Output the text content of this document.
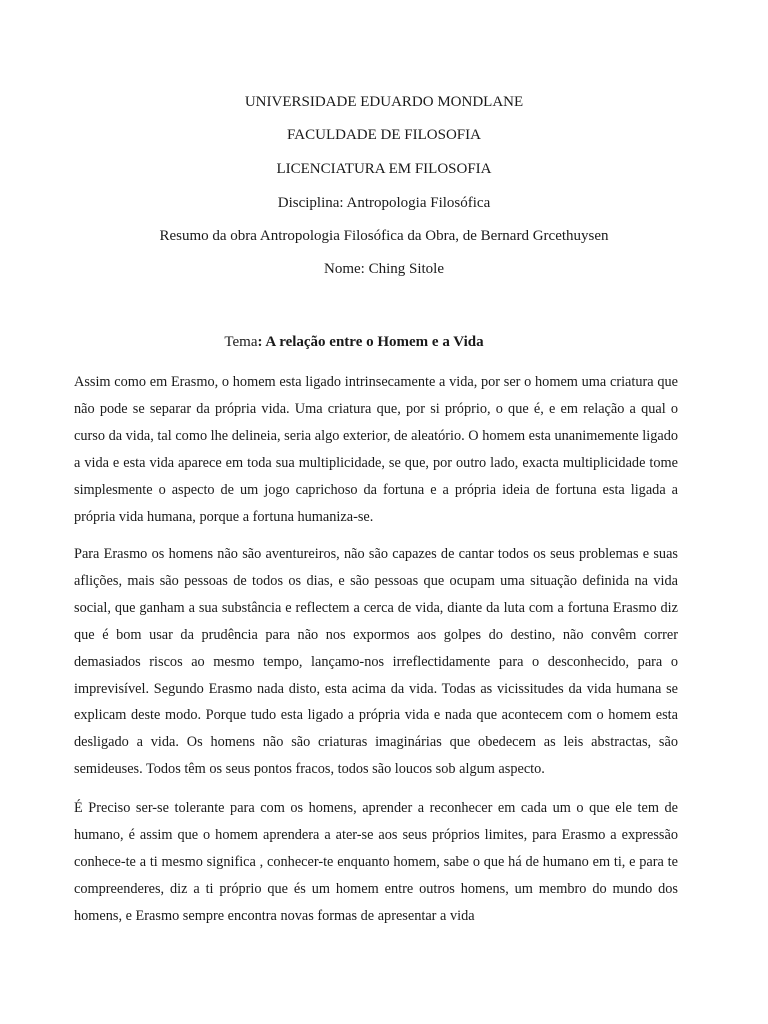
UNIVERSIDADE EDUARDO MONDLANE
FACULDADE DE FILOSOFIA
LICENCIATURA EM FILOSOFIA
Disciplina: Antropologia Filosófica
Resumo da obra Antropologia Filosófica da Obra, de Bernard Grcethuysen
Nome: Ching Sitole
Tema: A relação entre o Homem e a Vida

Assim como em Erasmo, o homem esta ligado intrinsecamente a vida, por ser o homem uma criatura que não pode se separar da própria vida. Uma criatura que, por si próprio, o que é, e em relação a qual o curso da vida, tal como lhe delineia, seria algo exterior, de aleatório. O homem esta unanimemente ligado a vida e esta vida aparece em toda sua multiplicidade, se que, por outro lado, exacta multiplicidade tome simplesmente o aspecto de um jogo caprichoso da fortuna e a própria ideia de fortuna esta ligada a própria vida humana, porque a fortuna humaniza-se.

Para Erasmo os homens não são aventureiros, não são capazes de cantar todos os seus problemas e suas aflições, mais são pessoas de todos os dias, e são pessoas que ocupam uma situação definida na vida social, que ganham a sua substância e reflectem a cerca de vida, diante da luta com a fortuna Erasmo diz que é bom usar da prudência para não nos expormos aos golpes do destino, não convêm correr demasiados riscos ao mesmo tempo, lançamo-nos irreflectidamente para o desconhecido, para o imprevisível. Segundo Erasmo nada disto, esta acima da vida. Todas as vicissitudes da vida humana se explicam deste modo. Porque tudo esta ligado a própria vida e nada que acontecem com o homem esta desligado a vida. Os homens não são criaturas imaginárias que obedecem as leis abstractas, são semideuses. Todos têm os seus pontos fracos, todos são loucos sob algum aspecto.

É Preciso ser-se tolerante para com os homens, aprender a reconhecer em cada um o que ele tem de humano, é assim que o homem aprendera a ater-se aos seus próprios limites, para Erasmo a expressão conhece-te a ti mesmo significa , conhecer-te enquanto homem, sabe o que há de humano em ti, e para te compreenderes, diz a ti próprio que és um homem entre outros homens, um membro do mundo dos homens, e Erasmo sempre encontra novas formas de apresentar a vida
